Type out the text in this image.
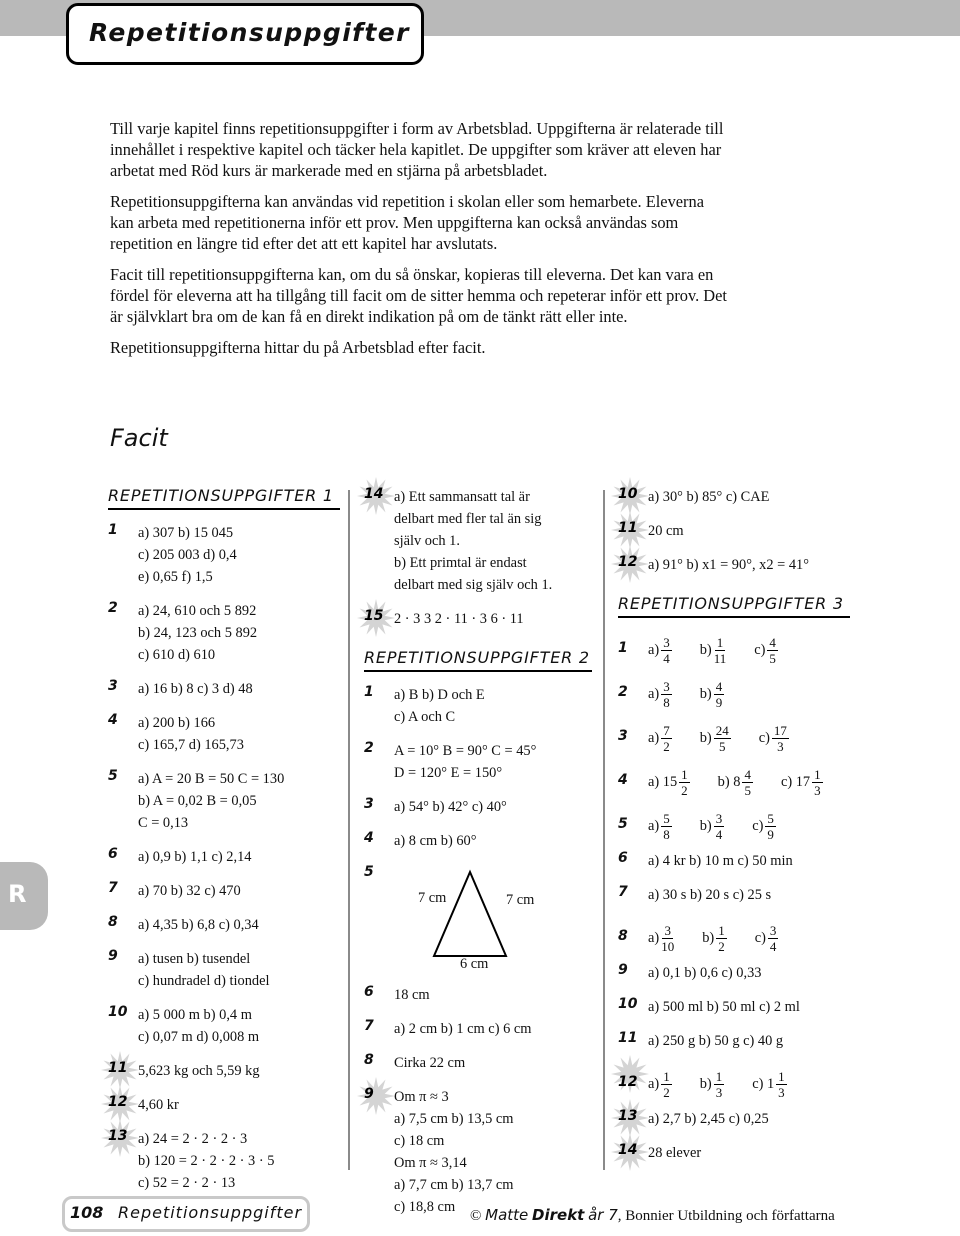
Repetitionsuppgifter

Till varje kapitel finns repetitionsuppgifter i form av Arbetsblad. Uppgifterna är relaterade till innehållet i respektive kapitel och täcker hela kapitlet. De uppgifter som kräver att eleven har arbetat med Röd kurs är markerade med en stjärna på arbetsbladet.

Repetitionsuppgifterna kan användas vid repetition i skolan eller som hemarbete. Eleverna kan arbeta med repetitionerna inför ett prov. Men uppgifterna kan också användas som repetition en längre tid efter det att ett kapitel har avslutats.

Facit till repetitionsuppgifterna kan, om du så önskar, kopieras till eleverna. Det kan vara en fördel för eleverna att ha tillgång till facit om de sitter hemma och repeterar inför ett prov. Det är självklart bra om de kan få en direkt indikation på om de tänkt rätt eller inte.

Repetitionsuppgifterna hittar du på Arbetsblad efter facit.

Facit
REPETITIONSUPPGIFTER 1
1	a) 307 b) 15 045
c) 205 003 d) 0,4
e) 0,65 f) 1,5
2	a) 24, 610 och 5 892
b) 24, 123 och 5 892
c) 610 d) 610
3	a) 16 b) 8 c) 3 d) 48
4	a) 200 b) 166
c) 165,7 d) 165,73
5	a) A = 20 B = 50 C = 130
b) A = 0,02 B = 0,05
C = 0,13
6	a) 0,9 b) 1,1 c) 2,14
7	a) 70 b) 32 c) 470
8	a) 4,35 b) 6,8 c) 0,34
9	a) tusen b) tusendel
c) hundradel d) tiondel
10 a) 5 000 m b) 0,4 m
c) 0,07 m d) 0,008 m
11 5,623 kg och 5,59 kg
12 4,60 kr
13 a) 24 = 2 · 2 · 2 · 3
b) 120 = 2 · 2 · 2 · 3 · 5
c) 52 = 2 · 2 · 13
14 a) Ett sammansatt tal är
delbart med fler tal än sig
själv och 1.
b) Ett primtal är endast
delbart med sig själv och 1.
15 2 · 3 3 2 · 11 · 3 6 · 11
REPETITIONSUPPGIFTER 2
1	a) B b) D och E
c) A och C
2	A = 10° B = 90° C = 45°
D = 120° E = 150°
3	a) 54° b) 42° c) 40°
4	a) 8 cm b) 60°
5
7 cm	7 cm
6 cm
6	18 cm
7	a) 2 cm b) 1 cm c) 6 cm
8	Cirka 22 cm
9	Om π ≈ 3
a) 7,5 cm b) 13,5 cm
c) 18 cm
Om π ≈ 3,14
a) 7,7 cm b) 13,7 cm
c) 18,8 cm
10 a) 30° b) 85° c) CAE
11 20 cm
12 a) 91° b) x1 = 90°, x2 = 41°
REPETITIONSUPPGIFTER 3
1	$a) \frac{3}{4} b) \frac{1}{11} c) \frac{4}{5}$
2	$a) \frac{3}{8} b) \frac{4}{9}$
3	$a) \frac{7}{2} b) \frac{24}{5} c) \frac{17}{3}$
4	a) $15 \frac{1}{2} b$) $8 \frac{4}{5} c$) $17 \frac{1}{3}$
5	$a) \frac{5}{8} b) \frac{3}{4} c) \frac{5}{9}$
6	a) 4 kr b) 10 m c) 50 min
7	a) 30 s b) 20 s c) 25 s
8	$a) \frac{3}{10} b) \frac{1}{2} c) \frac{3}{4}$
9	a) 0,1 b) 0,6 c) 0,33
10 a) 500 ml b) 50 ml c) 2 ml
11 a) 250 g b) 50 g c) 40 g
12 $a) \frac{1}{2} b) \frac{1}{3} c$) $1 \frac{1}{3}$
13 a) 2,7 b) 2,45 c) 0,25
14 28 elever
R
108 Repetitionsuppgifter	© Matte Direkt år 7, Bonnier Utbildning och författarna
